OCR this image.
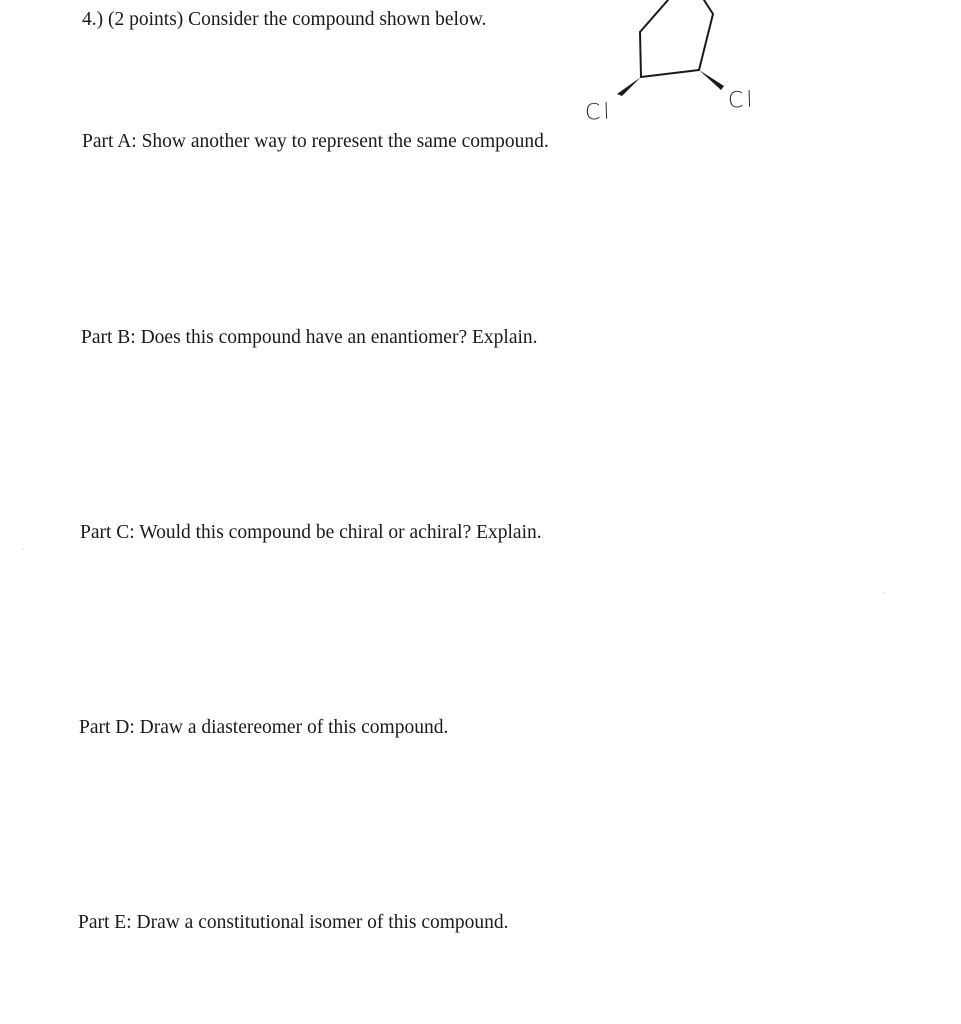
4.) (2 points) Consider the compound shown below.
Cl	Cl
Part A: Show another way to represent the same compound.
Part B: Does this compound have an enantiomer? Explain.
Part C: Would this compound be chiral or achiral? Explain.
Part D: Draw a diastereomer of this compound.
Part E: Draw a constitutional isomer of this compound.
